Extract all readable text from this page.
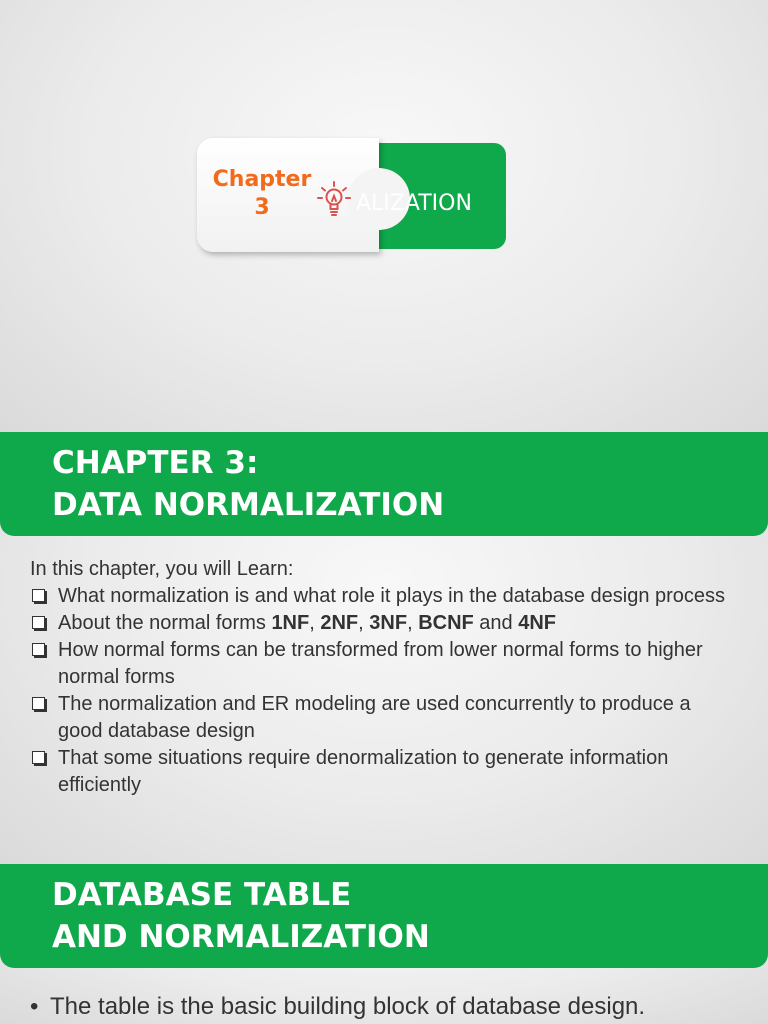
Chapter
3	ALIZATION
CHAPTER 3:
DATA NORMALIZATION

In this chapter, you will Learn:

What normalization is and what role it plays in the database design process
About the normal forms 1NF, 2NF, 3NF, BCNF and 4NF
How normal forms can be transformed from lower normal forms to higher normal forms
The normalization and ER modeling are used concurrently to produce a good database design
That some situations require denormalization to generate information efficiently
DATABASE TABLE
AND NORMALIZATION
• The table is the basic building block of database design.
